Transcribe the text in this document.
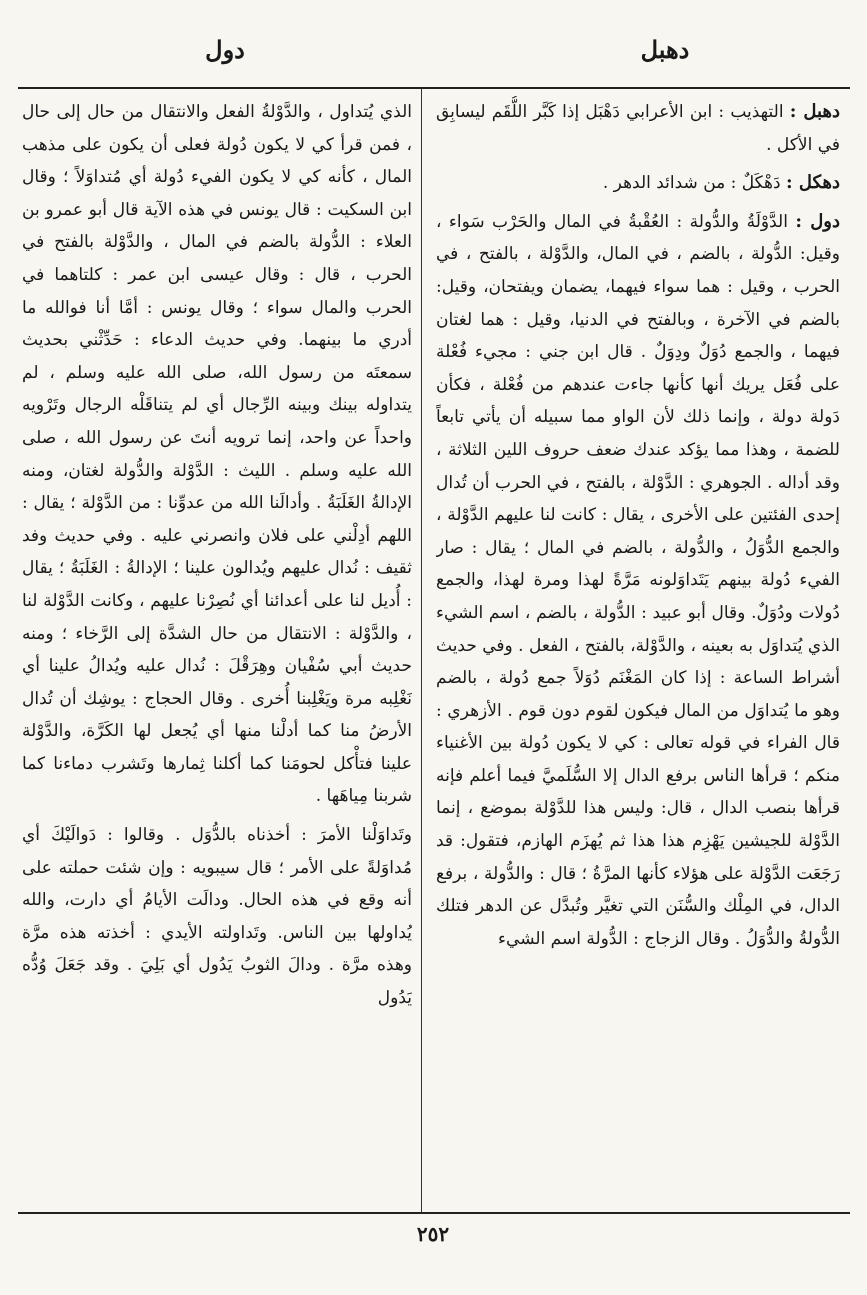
دهبل
دول

دهبل : التهذيب : ابن الأعرابي دَهْبَل إذا كَبَّر اللُّقَم ليسابِق في الأكل .

دهكل : دَهْكَلٌ : من شدائد الدهر .

دول : الدَّوْلَةُ والدُّولة : العُقْبةُ في المال والحَرْب سَواء ، وقيل: الدُّولة ، بالضم ، في المال، والدَّوْلة ، بالفتح ، في الحرب ، وقيل : هما سواء فيهما، يضمان ويفتحان، وقيل: بالضم في الآخرة ، وبالفتح في الدنيا، وقيل : هما لغتان فيهما ، والجمع دُوَلٌ ودِوَلٌ . قال ابن جني : مجيء فُعْلة على فُعَل يريك أنها كأنها جاءت عندهم من فُعْلة ، فكأن دَولة دولة ، وإنما ذلك لأن الواو مما سبيله أن يأتي تابعاً للضمة ، وهذا مما يؤكد عندك ضعف حروف اللين الثلاثة ، وقد أداله . الجوهري : الدَّوْلة ، بالفتح ، في الحرب أن تُدال إحدى الفئتين على الأخرى ، يقال : كانت لنا عليهم الدَّوْلة ، والجمع الدُّوَلُ ، والدُّولة ، بالضم في المال ؛ يقال : صار الفيء دُولة بينهم يَتَداوَلونه مَرَّةً لهذا ومرة لهذا، والجمع دُولات ودُوَلٌ. وقال أبو عبيد : الدُّولة ، بالضم ، اسم الشيء الذي يُتداوَل به بعينه ، والدَّوْلة، بالفتح ، الفعل . وفي حديث أشراط الساعة : إذا كان المَغْنَم دُوَلاً جمع دُولة ، بالضم وهو ما يُتداوَل من المال فيكون لقوم دون قوم . الأزهري : قال الفراء في قوله تعالى : كي لا يكون دُولة بين الأغنياء منكم ؛ قرأها الناس برفع الدال إلا السُّلَميَّ فيما أعلم فإنه قرأها بنصب الدال ، قال: وليس هذا للدَّوْلة بموضع ، إنما الدَّوْلة للجيشين يَهْزِم هذا هذا ثم يُهزَم الهازم، فتقول: قد رَجَعَت الدَّوْلة على هؤلاء كأنها المرَّةُ ؛ قال : والدُّولة ، برفع الدال، في المِلْك والسُّنَن التي تغيَّر وتُبدَّل عن الدهر فتلك الدُّولةُ والدُّوَلُ . وقال الزجاج : الدُّولة اسم الشيء

الذي يُتداول ، والدَّوْلةُ الفعل والانتقال من حال إلى حال ، فمن قرأ كي لا يكون دُولة فعلى أن يكون على مذهب المال ، كأنه كي لا يكون الفيء دُولة أي مُتداوَلاً ؛ وقال ابن السكيت : قال يونس في هذه الآية قال أبو عمرو بن العلاء : الدُّولة بالضم في المال ، والدَّوْلة بالفتح في الحرب ، قال : وقال عيسى ابن عمر : كلتاهما في الحرب والمال سواء ؛ وقال يونس : أمَّا أنا فوالله ما أدري ما بينهما. وفي حديث الدعاء : حَدِّثْني بحديث سمعتَه من رسول الله، صلى الله عليه وسلم ، لم يتداوله بينك وبينه الرِّجال أي لم يتناقَلْه الرجال وتَرْويه واحداً عن واحد، إنما ترويه أنتَ عن رسول الله ، صلى الله عليه وسلم . الليث : الدَّوْلة والدُّولة لغتان، ومنه الإدالةُ الغَلَبَةُ . وأدالَنا الله من عدوِّنا : من الدَّوْلة ؛ يقال : اللهم أدِلْني على فلان وانصرني عليه . وفي حديث وفد ثقيف : نُدال عليهم ويُدالون علينا ؛ الإدالةُ : الغَلَبَةُ ؛ يقال : أُديل لنا على أعدائنا أي نُصِرْنا عليهم ، وكانت الدَّوْلة لنا ، والدَّوْلة : الانتقال من حال الشدَّة إلى الرَّخاء ؛ ومنه حديث أبي سُفْيان وهِرَقْلَ : نُدال عليه ويُدالُ علينا أي نَغْلِبه مرة ويَغْلِبنا أُخرى . وقال الحجاج : يوشِك أن تُدال الأرضُ منا كما أدلْنا منها أي يُجعل لها الكَرَّة، والدَّوْلة علينا فتأْكل لحومَنا كما أكلنا ثِمارها وتَشرب دماءنا كما شربنا مِياهَها .

وتَداوَلْنا الأمرَ : أخذناه بالدُّوَل . وقالوا : دَوالَيْكَ أي مُداوَلةً على الأمر ؛ قال سيبويه : وإن شئت حملته على أنه وقع في هذه الحال. ودالَت الأيامُ أي دارت، والله يُداولها بين الناس. وتَداولته الأيدي : أخذته هذه مرَّة وهذه مرَّة . ودالَ الثوبُ يَدُول أي بَلِيَ . وقد جَعَلَ وُدُّه يَدُول

٢٥٢
